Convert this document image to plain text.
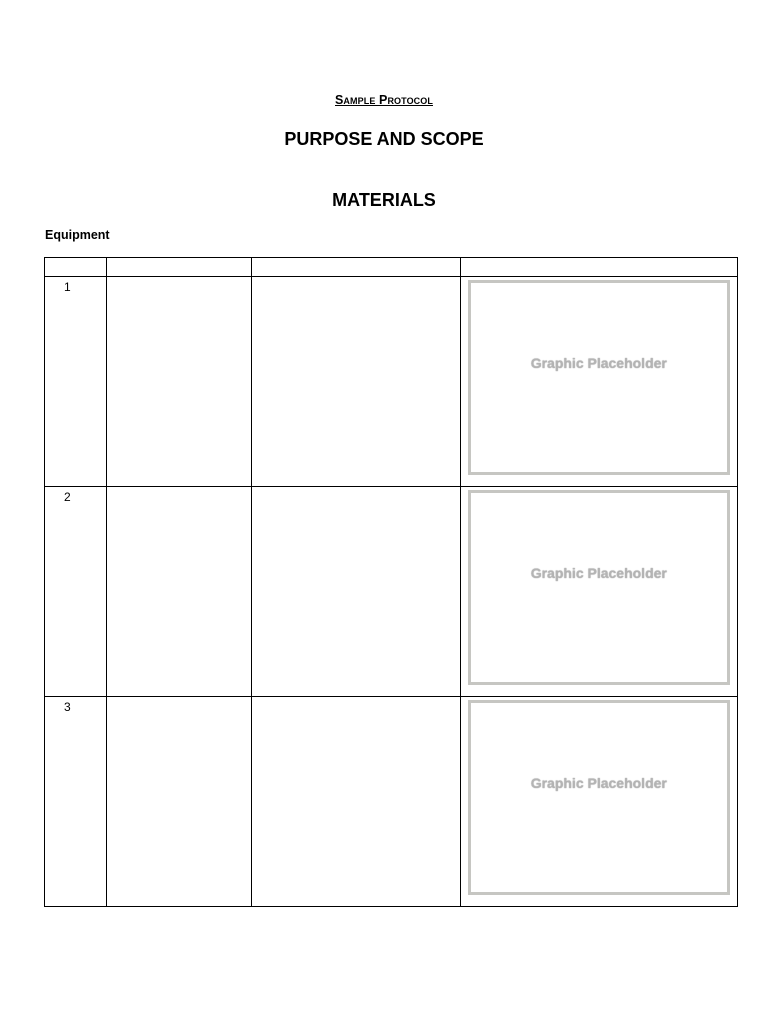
Sample Protocol
PURPOSE AND SCOPE
MATERIALS
Equipment

1			Graphic Placeholder

2			Graphic Placeholder

3			Graphic Placeholder
